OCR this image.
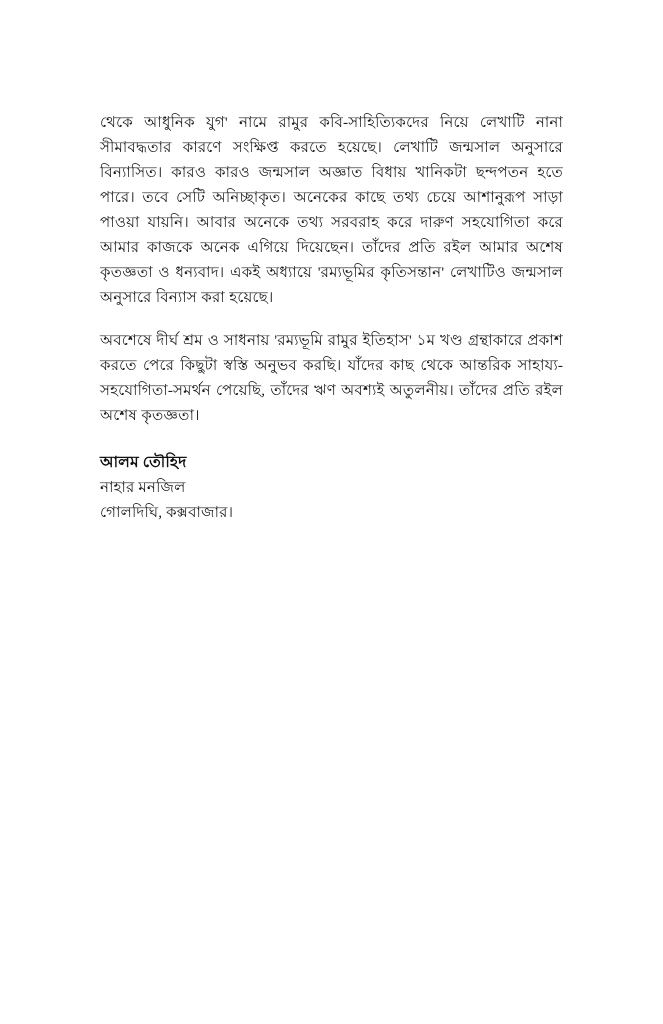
থেকে আধুনিক যুগ' নামে রামুর কবি-সাহিত্যিকদের নিয়ে লেখাটি নানা সীমাবদ্ধতার কারণে সংক্ষিপ্ত করতে হয়েছে। লেখাটি জন্মসাল অনুসারে বিন্যাসিত। কারও কারও জন্মসাল অজ্ঞাত বিধায় খানিকটা ছন্দপতন হতে পারে। তবে সেটি অনিচ্ছাকৃত। অনেকের কাছে তথ্য চেয়ে আশানুরূপ সাড়া পাওয়া যায়নি। আবার অনেকে তথ্য সরবরাহ করে দারুণ সহযোগিতা করে আমার কাজকে অনেক এগিয়ে দিয়েছেন। তাঁদের প্রতি রইল আমার অশেষ কৃতজ্ঞতা ও ধন্যবাদ। একই অধ্যায়ে 'রম্যভূমির কৃতিসন্তান' লেখাটিও জন্মসাল অনুসারে বিন্যাস করা হয়েছে।

অবশেষে দীর্ঘ শ্রম ও সাধনায় 'রম্যভূমি রামুর ইতিহাস' ১ম খণ্ড গ্রন্থাকারে প্রকাশ করতে পেরে কিছুটা স্বস্তি অনুভব করছি। যাঁদের কাছ থেকে আন্তরিক সাহায্য-সহযোগিতা-সমর্থন পেয়েছি, তাঁদের ঋণ অবশ্যই অতুলনীয়। তাঁদের প্রতি রইল অশেষ কৃতজ্ঞতা।

আলম তৌহিদ

নাহার মনজিল

গোলদিঘি, কক্সবাজার।
